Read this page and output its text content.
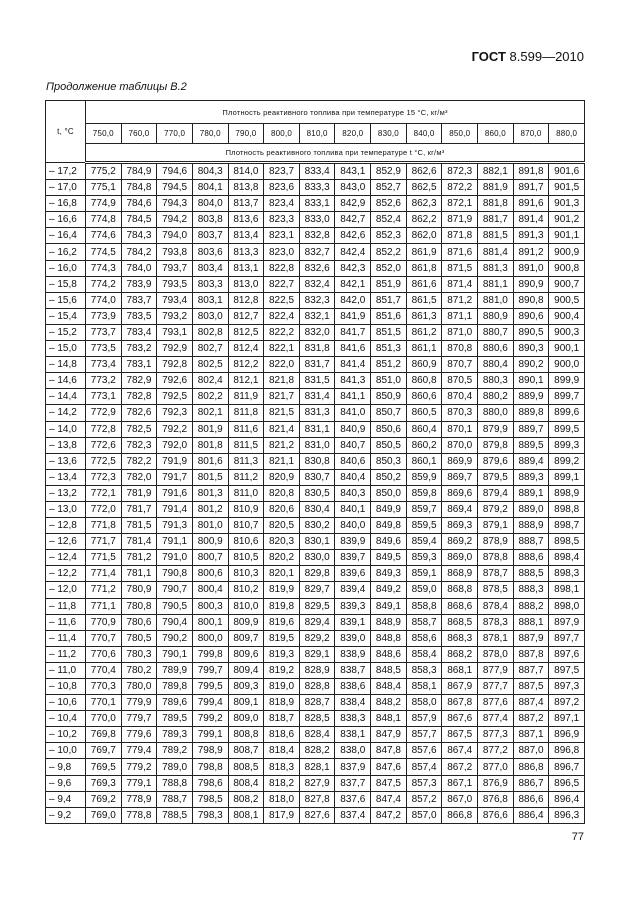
ГОСТ 8.599—2010
Продолжение таблицы В.2
t, °C	Плотность реактивного топлива при температуре 15 °С, кг/м³													
	750,0	760,0	770,0	780,0	790,0	800,0	810,0	820,0	830,0	840,0	850,0	860,0	870,0	880,0
	Плотность реактивного топлива при температуре t °С, кг/м³													
– 17,2	775,2	784,9	794,6	804,3	814,0	823,7	833,4	843,1	852,9	862,6	872,3	882,1	891,8	901,6
– 17,0	775,1	784,8	794,5	804,1	813,8	823,6	833,3	843,0	852,7	862,5	872,2	881,9	891,7	901,5
– 16,8	774,9	784,6	794,3	804,0	813,7	823,4	833,1	842,9	852,6	862,3	872,1	881,8	891,6	901,3
– 16,6	774,8	784,5	794,2	803,8	813,6	823,3	833,0	842,7	852,4	862,2	871,9	881,7	891,4	901,2
– 16,4	774,6	784,3	794,0	803,7	813,4	823,1	832,8	842,6	852,3	862,0	871,8	881,5	891,3	901,1
– 16,2	774,5	784,2	793,8	803,6	813,3	823,0	832,7	842,4	852,2	861,9	871,6	881,4	891,2	900,9
– 16,0	774,3	784,0	793,7	803,4	813,1	822,8	832,6	842,3	852,0	861,8	871,5	881,3	891,0	900,8
– 15,8	774,2	783,9	793,5	803,3	813,0	822,7	832,4	842,1	851,9	861,6	871,4	881,1	890,9	900,7
– 15,6	774,0	783,7	793,4	803,1	812,8	822,5	832,3	842,0	851,7	861,5	871,2	881,0	890,8	900,5
– 15,4	773,9	783,5	793,2	803,0	812,7	822,4	832,1	841,9	851,6	861,3	871,1	880,9	890,6	900,4
– 15,2	773,7	783,4	793,1	802,8	812,5	822,2	832,0	841,7	851,5	861,2	871,0	880,7	890,5	900,3
– 15,0	773,5	783,2	792,9	802,7	812,4	822,1	831,8	841,6	851,3	861,1	870,8	880,6	890,3	900,1
– 14,8	773,4	783,1	792,8	802,5	812,2	822,0	831,7	841,4	851,2	860,9	870,7	880,4	890,2	900,0
– 14,6	773,2	782,9	792,6	802,4	812,1	821,8	831,5	841,3	851,0	860,8	870,5	880,3	890,1	899,9
– 14,4	773,1	782,8	792,5	802,2	811,9	821,7	831,4	841,1	850,9	860,6	870,4	880,2	889,9	899,7
– 14,2	772,9	782,6	792,3	802,1	811,8	821,5	831,3	841,0	850,7	860,5	870,3	880,0	889,8	899,6
– 14,0	772,8	782,5	792,2	801,9	811,6	821,4	831,1	840,9	850,6	860,4	870,1	879,9	889,7	899,5
– 13,8	772,6	782,3	792,0	801,8	811,5	821,2	831,0	840,7	850,5	860,2	870,0	879,8	889,5	899,3
– 13,6	772,5	782,2	791,9	801,6	811,3	821,1	830,8	840,6	850,3	860,1	869,9	879,6	889,4	899,2
– 13,4	772,3	782,0	791,7	801,5	811,2	820,9	830,7	840,4	850,2	859,9	869,7	879,5	889,3	899,1
– 13,2	772,1	781,9	791,6	801,3	811,0	820,8	830,5	840,3	850,0	859,8	869,6	879,4	889,1	898,9
– 13,0	772,0	781,7	791,4	801,2	810,9	820,6	830,4	840,1	849,9	859,7	869,4	879,2	889,0	898,8
– 12,8	771,8	781,5	791,3	801,0	810,7	820,5	830,2	840,0	849,8	859,5	869,3	879,1	888,9	898,7
– 12,6	771,7	781,4	791,1	800,9	810,6	820,3	830,1	839,9	849,6	859,4	869,2	878,9	888,7	898,5
– 12,4	771,5	781,2	791,0	800,7	810,5	820,2	830,0	839,7	849,5	859,3	869,0	878,8	888,6	898,4
– 12,2	771,4	781,1	790,8	800,6	810,3	820,1	829,8	839,6	849,3	859,1	868,9	878,7	888,5	898,3
– 12,0	771,2	780,9	790,7	800,4	810,2	819,9	829,7	839,4	849,2	859,0	868,8	878,5	888,3	898,1
– 11,8	771,1	780,8	790,5	800,3	810,0	819,8	829,5	839,3	849,1	858,8	868,6	878,4	888,2	898,0
– 11,6	770,9	780,6	790,4	800,1	809,9	819,6	829,4	839,1	848,9	858,7	868,5	878,3	888,1	897,9
– 11,4	770,7	780,5	790,2	800,0	809,7	819,5	829,2	839,0	848,8	858,6	868,3	878,1	887,9	897,7
– 11,2	770,6	780,3	790,1	799,8	809,6	819,3	829,1	838,9	848,6	858,4	868,2	878,0	887,8	897,6
– 11,0	770,4	780,2	789,9	799,7	809,4	819,2	828,9	838,7	848,5	858,3	868,1	877,9	887,7	897,5
– 10,8	770,3	780,0	789,8	799,5	809,3	819,0	828,8	838,6	848,4	858,1	867,9	877,7	887,5	897,3
– 10,6	770,1	779,9	789,6	799,4	809,1	818,9	828,7	838,4	848,2	858,0	867,8	877,6	887,4	897,2
– 10,4	770,0	779,7	789,5	799,2	809,0	818,7	828,5	838,3	848,1	857,9	867,6	877,4	887,2	897,1
– 10,2	769,8	779,6	789,3	799,1	808,8	818,6	828,4	838,1	847,9	857,7	867,5	877,3	887,1	896,9
– 10,0	769,7	779,4	789,2	798,9	808,7	818,4	828,2	838,0	847,8	857,6	867,4	877,2	887,0	896,8
– 9,8	769,5	779,2	789,0	798,8	808,5	818,3	828,1	837,9	847,6	857,4	867,2	877,0	886,8	896,7
– 9,6	769,3	779,1	788,8	798,6	808,4	818,2	827,9	837,7	847,5	857,3	867,1	876,9	886,7	896,5
– 9,4	769,2	778,9	788,7	798,5	808,2	818,0	827,8	837,6	847,4	857,2	867,0	876,8	886,6	896,4
– 9,2	769,0	778,8	788,5	798,3	808,1	817,9	827,6	837,4	847,2	857,0	866,8	876,6	886,4	896,3
77
